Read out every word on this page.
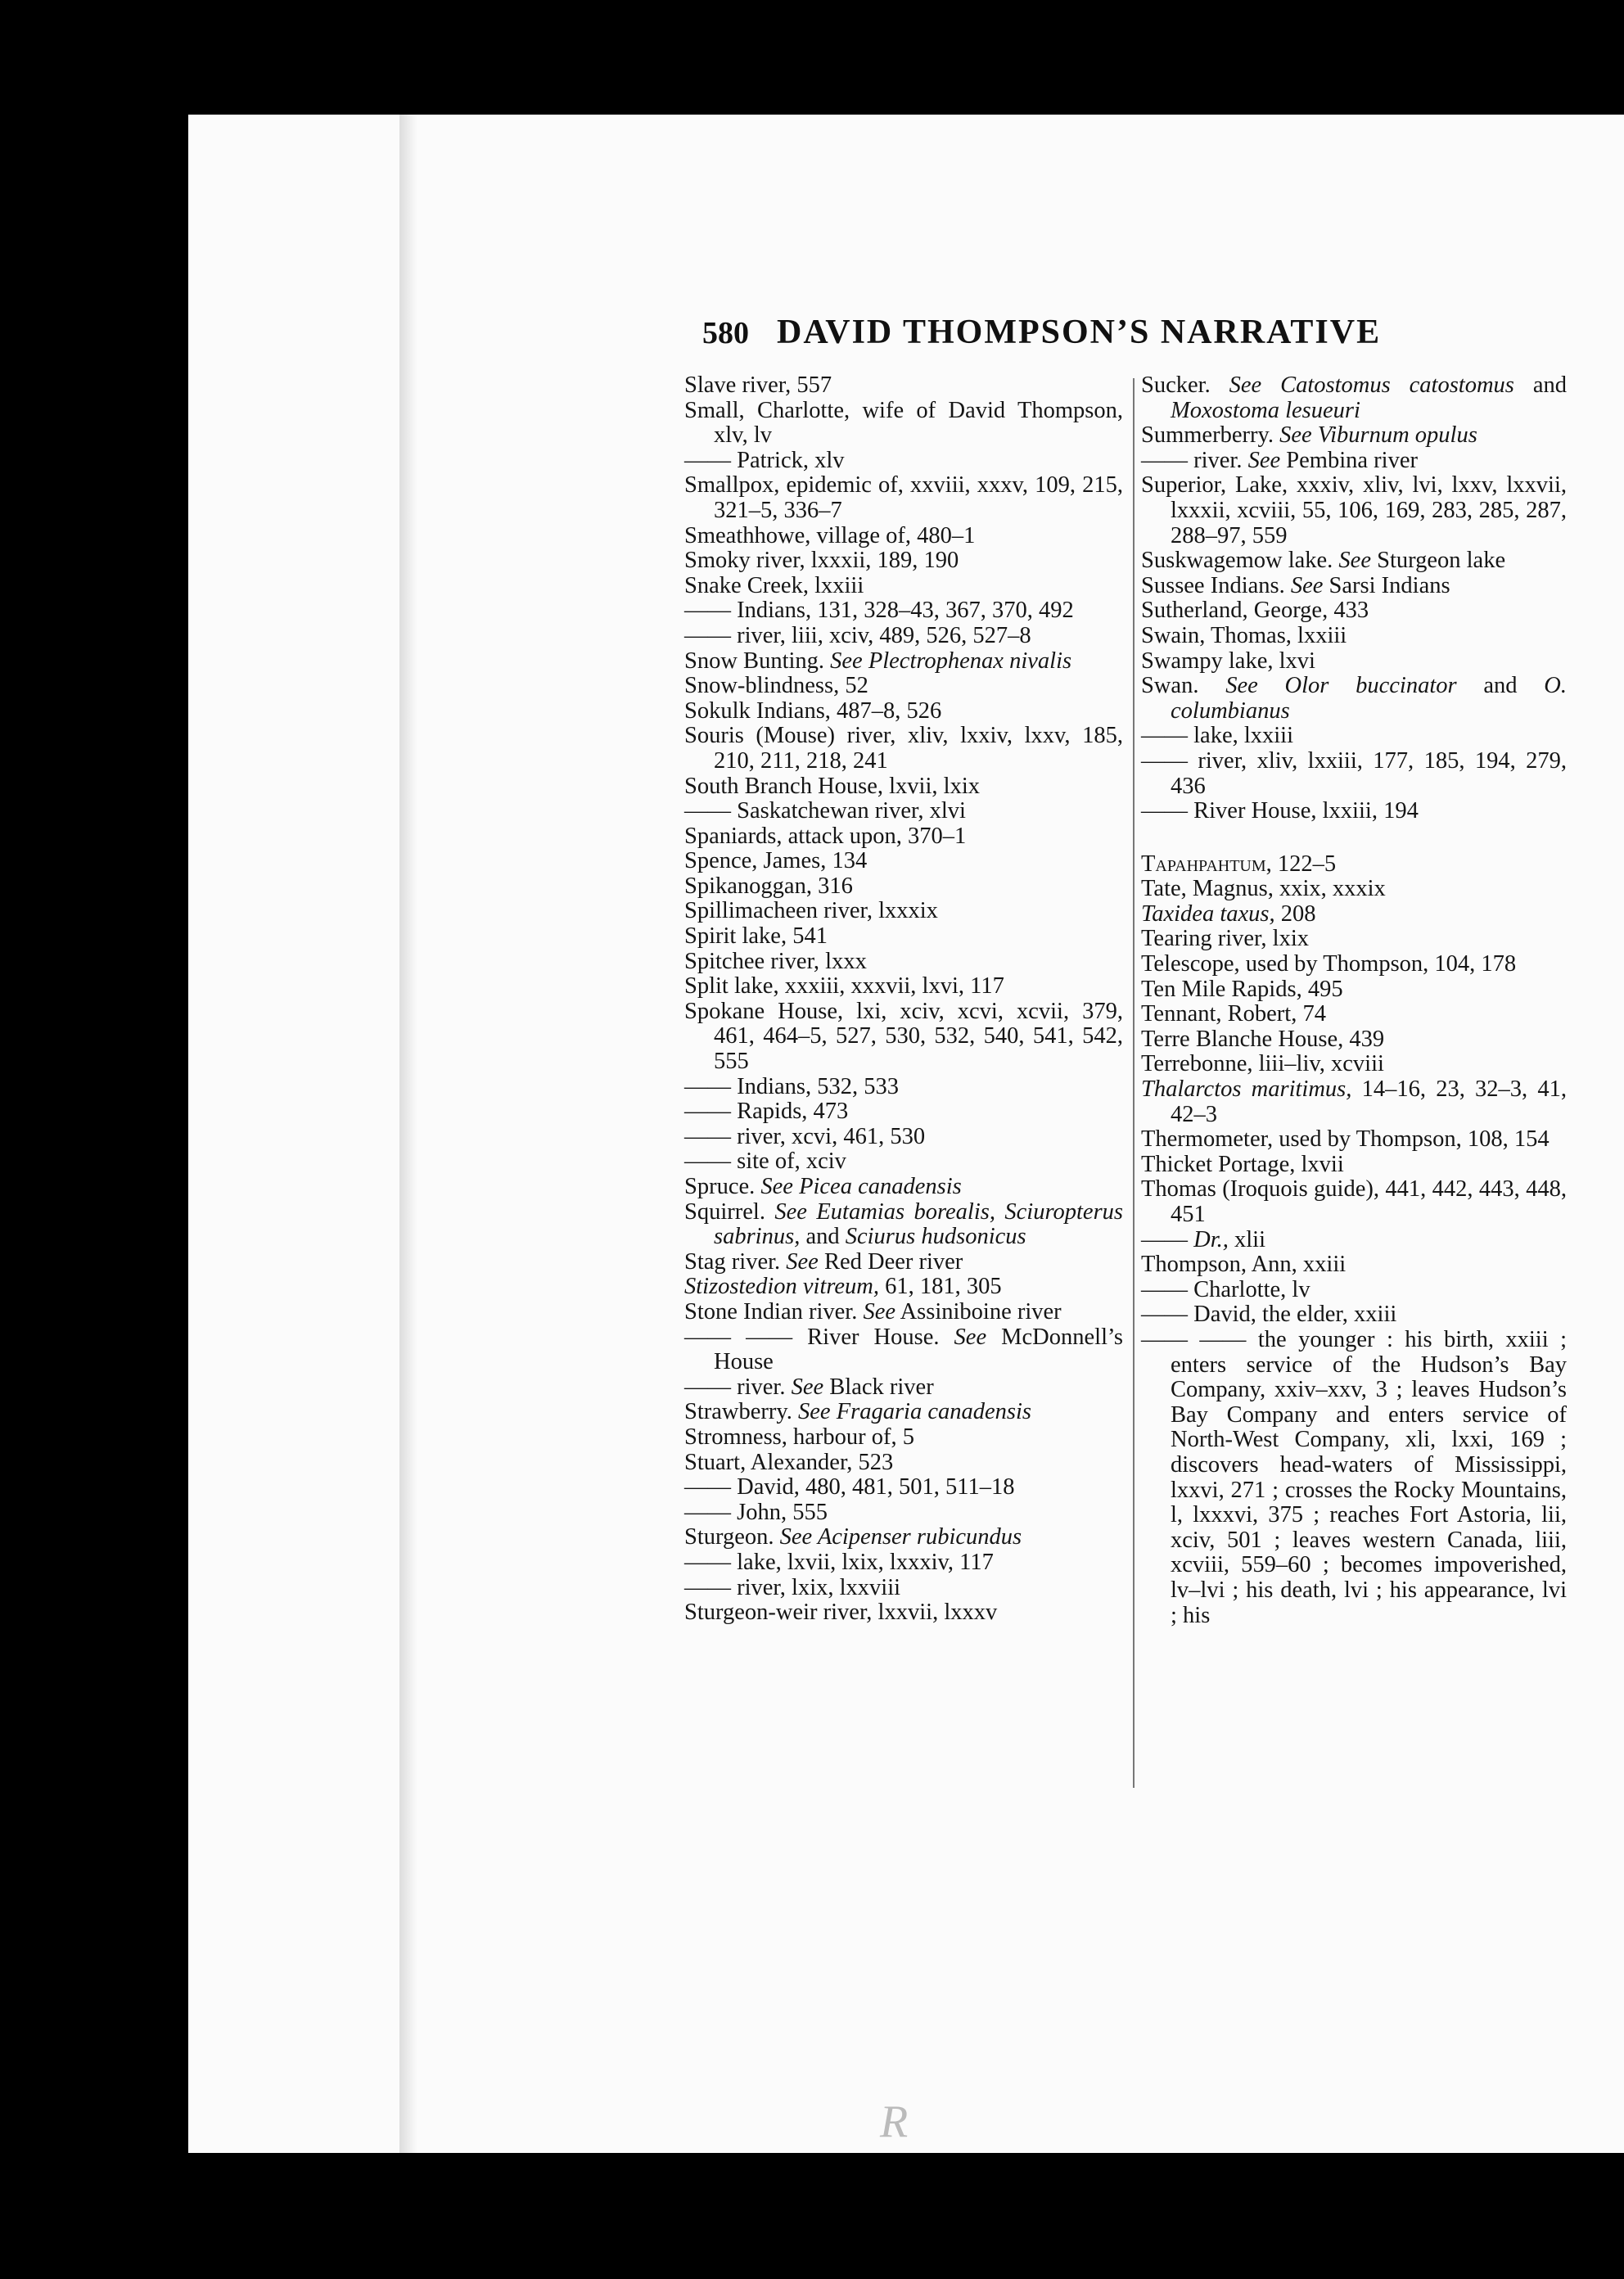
580 DAVID THOMPSON’S NARRATIVE
Slave river, 557
Small, Charlotte, wife of David Thompson, xlv, lv
—— Patrick, xlv
Smallpox, epidemic of, xxviii, xxxv, 109, 215, 321–5, 336–7
Smeathhowe, village of, 480–1
Smoky river, lxxxii, 189, 190
Snake Creek, lxxiii
—— Indians, 131, 328–43, 367, 370, 492
—— river, liii, xciv, 489, 526, 527–8
Snow Bunting. See Plectrophenax nivalis
Snow-blindness, 52
Sokulk Indians, 487–8, 526
Souris (Mouse) river, xliv, lxxiv, lxxv, 185, 210, 211, 218, 241
South Branch House, lxvii, lxix
—— Saskatchewan river, xlvi
Spaniards, attack upon, 370–1
Spence, James, 134
Spikanoggan, 316
Spillimacheen river, lxxxix
Spirit lake, 541
Spitchee river, lxxx
Split lake, xxxiii, xxxvii, lxvi, 117
Spokane House, lxi, xciv, xcvi, xcvii, 379, 461, 464–5, 527, 530, 532, 540, 541, 542, 555
—— Indians, 532, 533
—— Rapids, 473
—— river, xcvi, 461, 530
—— site of, xciv
Spruce. See Picea canadensis
Squirrel. See Eutamias borealis, Sciuropterus sabrinus, and Sciurus hudsonicus
Stag river. See Red Deer river
Stizostedion vitreum, 61, 181, 305
Stone Indian river. See Assiniboine river
—— —— River House. See McDonnell’s House
—— river. See Black river
Strawberry. See Fragaria canadensis
Stromness, harbour of, 5
Stuart, Alexander, 523
—— David, 480, 481, 501, 511–18
—— John, 555
Sturgeon. See Acipenser rubicundus
—— lake, lxvii, lxix, lxxxiv, 117
—— river, lxix, lxxviii
Sturgeon-weir river, lxxvii, lxxxv
Sucker. See Catostomus catostomus and Moxostoma lesueuri
Summerberry. See Viburnum opulus
—— river. See Pembina river
Superior, Lake, xxxiv, xliv, lvi, lxxv, lxxvii, lxxxii, xcviii, 55, 106, 169, 283, 285, 287, 288–97, 559
Suskwagemow lake. See Sturgeon lake
Sussee Indians. See Sarsi Indians
Sutherland, George, 433
Swain, Thomas, lxxiii
Swampy lake, lxvi
Swan. See Olor buccinator and O. columbianus
—— lake, lxxiii
—— river, xliv, lxxiii, 177, 185, 194, 279, 436
—— River House, lxxiii, 194
Tapahpahtum, 122–5
Tate, Magnus, xxix, xxxix
Taxidea taxus, 208
Tearing river, lxix
Telescope, used by Thompson, 104, 178
Ten Mile Rapids, 495
Tennant, Robert, 74
Terre Blanche House, 439
Terrebonne, liii–liv, xcviii
Thalarctos maritimus, 14–16, 23, 32–3, 41, 42–3
Thermometer, used by Thompson, 108, 154
Thicket Portage, lxvii
Thomas (Iroquois guide), 441, 442, 443, 448, 451
—— Dr., xlii
Thompson, Ann, xxiii
—— Charlotte, lv
—— David, the elder, xxiii
—— —— the younger : his birth, xxiii ; enters service of the Hudson’s Bay Company, xxiv–xxv, 3 ; leaves Hudson’s Bay Company and enters service of North-West Company, xli, lxxi, 169 ; discovers head-waters of Mississippi, lxxvi, 271 ; crosses the Rocky Mountains, l, lxxxvi, 375 ; reaches Fort Astoria, lii, xciv, 501 ; leaves western Canada, liii, xcviii, 559–60 ; becomes impoverished, lv–lvi ; his death, lvi ; his appearance, lvi ; his
R
